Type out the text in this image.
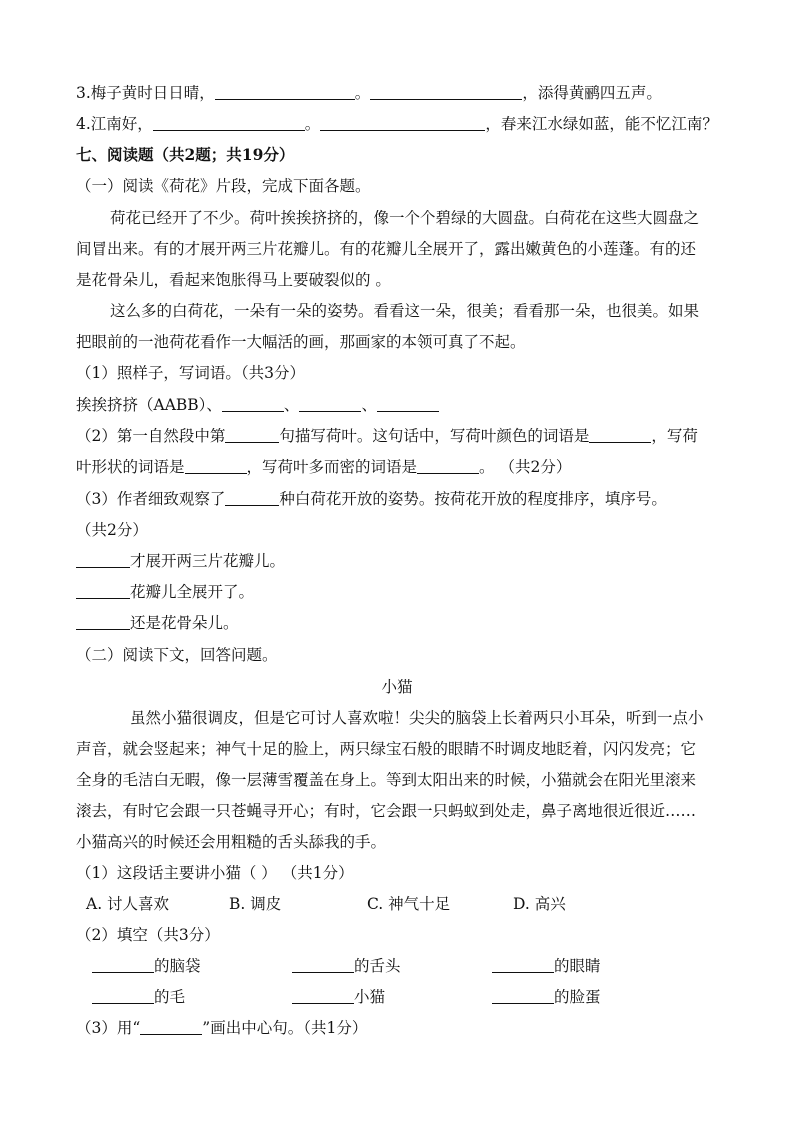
3.梅子黄时日日晴，	。	，添得黄鹂四五声。
4.江南好，	。	，春来江水绿如蓝，能不忆江南？
七、阅读题（共2题；共19分）
（一）阅读《荷花》片段，完成下面各题。
荷花已经开了不少。荷叶挨挨挤挤的，像一个个碧绿的大圆盘。白荷花在这些大圆盘之
间冒出来。有的才展开两三片花瓣儿。有的花瓣儿全展开了，露出嫩黄色的小莲蓬。有的还
是花骨朵儿，看起来饱胀得马上要破裂似的 。
这么多的白荷花，一朵有一朵的姿势。看看这一朵，很美；看看那一朵，也很美。如果
把眼前的一池荷花看作一大幅活的画，那画家的本领可真了不起。
（1）照样子，写词语。（共3分）
挨挨挤挤（AABB）、	、	、
（2）第一自然段中第	句描写荷叶。这句话中，写荷叶颜色的词语是	，写荷
叶形状的词语是	，写荷叶多而密的词语是	。 （共2分）
（3）作者细致观察了	种白荷花开放的姿势。按荷花开放的程度排序，填序号。
（共2分）
才展开两三片花瓣儿。
花瓣儿全展开了。
还是花骨朵儿。
（二）阅读下文，回答问题。
小猫
虽然小猫很调皮，但是它可讨人喜欢啦！尖尖的脑袋上长着两只小耳朵，听到一点小
声音，就会竖起来；神气十足的脸上，两只绿宝石般的眼睛不时调皮地眨着，闪闪发亮；它
全身的毛洁白无暇，像一层薄雪覆盖在身上。等到太阳出来的时候，小猫就会在阳光里滚来
滚去，有时它会跟一只苍蝇寻开心；有时，它会跟一只蚂蚁到处走，鼻子离地很近很近……
小猫高兴的时候还会用粗糙的舌头舔我的手。
（1）这段话主要讲小猫（ ） （共1分）
A. 讨人喜欢	B. 调皮	C. 神气十足	D. 高兴
（2）填空（共3分）
的脑袋	的舌头	的眼睛
的毛	小猫	的脸蛋
（3）用“	”画出中心句。（共1分）
